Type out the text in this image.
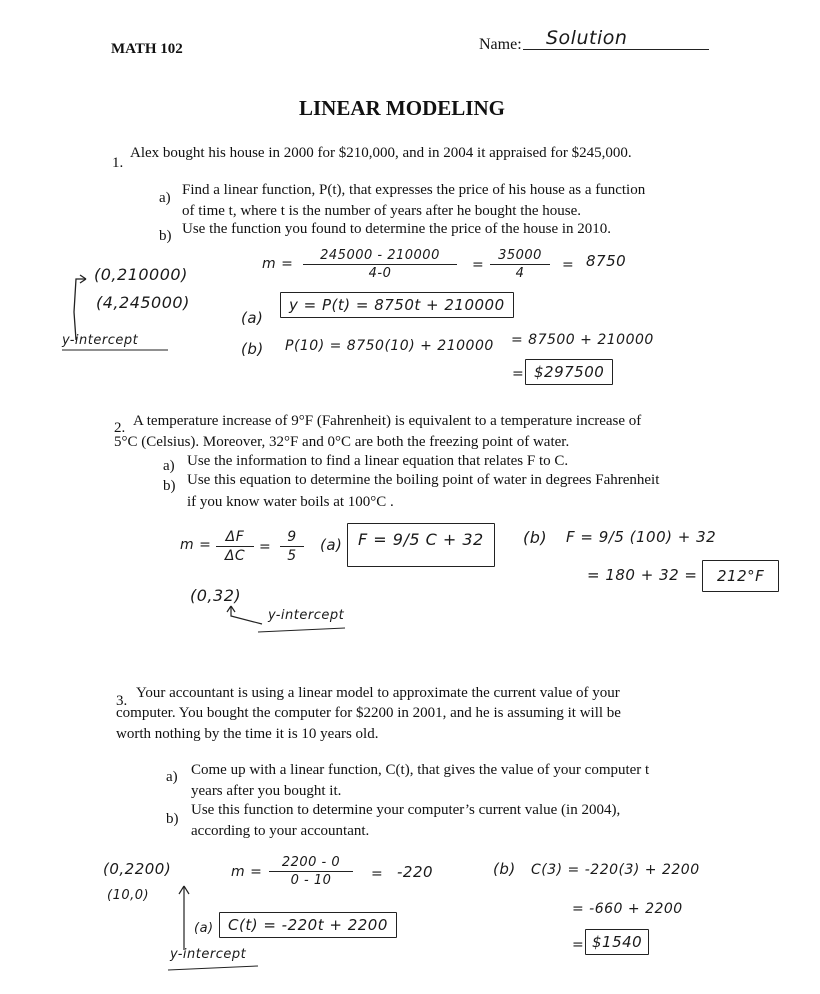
MATH 102	Name: Solution
LINEAR MODELING
1.
Alex bought his house in 2000 for $210,000, and in 2004 it appraised for $245,000.
a) Find a linear function, P(t), that expresses the price of his house as a function
of time t, where t is the number of years after he bought the house.
b) Use the function you found to determine the price of the house in 2010.
(0,210000)
(4,245000)
y-intercept
$m = \frac{245000 - 210000}{4-0} = \frac{35000}{4} = 8750$
(a)
y = P(t) = 8750t + 210000
(b) P(10) = 8750(10) + 210000 = 87500 + 210000
= $297500
2. A temperature increase of 9°F (Fahrenheit) is equivalent to a temperature increase of
5°C (Celsius). Moreover, 32°F and 0°C are both the freezing point of water.
a) Use the information to find a linear equation that relates F to C.
b) Use this equation to determine the boiling point of water in degrees Fahrenheit
if you know water boils at 100°C .
$m = \frac{\Delta F}{\Delta C} = \frac{9}{5} (a) F = 9/5$ C + 32
(0,32)
y-intercept
(b) F = 9/5 (100) + 32
= 180 + 32 =	212°F
3. Your accountant is using a linear model to approximate the current value of your
computer. You bought the computer for $2200 in 2001, and he is assuming it will be
worth nothing by the time it is 10 years old.
a) Come up with a linear function, C(t), that gives the value of your computer t
years after you bought it.
b)
Use this function to determine your computer’s current value (in 2004),
according to your accountant.
(0,2200)
(10,0)
y-intercept
$m = \frac{2200 - 0}{0 - 10} = -220$
(a) C(t) = -220t + 2200
(b) C(3) = -220(3) + 2200
= -660 + 2200
= $1540
